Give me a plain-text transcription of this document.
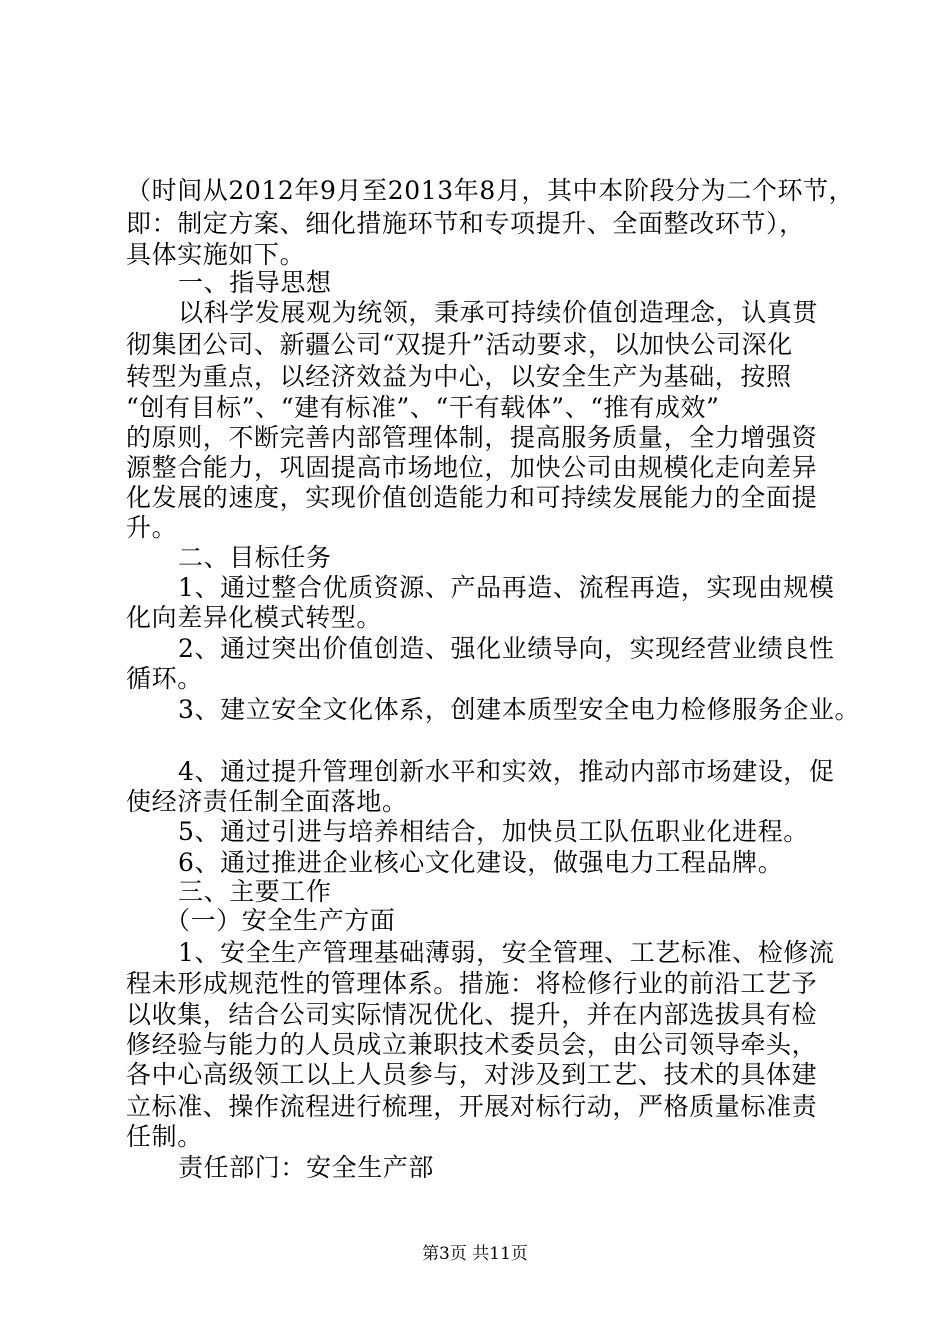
（时间从2012年9月至2013年8月，其中本阶段分为二个环节，
即：制定方案、细化措施环节和专项提升、全面整改环节），
具体实施如下。
一、指导思想
以科学发展观为统领，秉承可持续价值创造理念，认真贯
彻集团公司、新疆公司“双提升”活动要求，以加快公司深化
转型为重点，以经济效益为中心，以安全生产为基础，按照
“创有目标”、“建有标准”、“干有载体”、“推有成效”
的原则，不断完善内部管理体制，提高服务质量，全力增强资
源整合能力，巩固提高市场地位，加快公司由规模化走向差异
化发展的速度，实现价值创造能力和可持续发展能力的全面提
升。
二、目标任务
1、通过整合优质资源、产品再造、流程再造，实现由规模
化向差异化模式转型。
2、通过突出价值创造、强化业绩导向，实现经营业绩良性
循环。
3、建立安全文化体系，创建本质型安全电力检修服务企业。
4、通过提升管理创新水平和实效，推动内部市场建设，促
使经济责任制全面落地。
5、通过引进与培养相结合，加快员工队伍职业化进程。
6、通过推进企业核心文化建设，做强电力工程品牌。
三、主要工作
（一）安全生产方面
1、安全生产管理基础薄弱，安全管理、工艺标准、检修流
程未形成规范性的管理体系。措施：将检修行业的前沿工艺予
以收集，结合公司实际情况优化、提升，并在内部选拔具有检
修经验与能力的人员成立兼职技术委员会，由公司领导牵头，
各中心高级领工以上人员参与，对涉及到工艺、技术的具体建
立标准、操作流程进行梳理，开展对标行动，严格质量标准责
任制。
责任部门：安全生产部
第3页 共11页
